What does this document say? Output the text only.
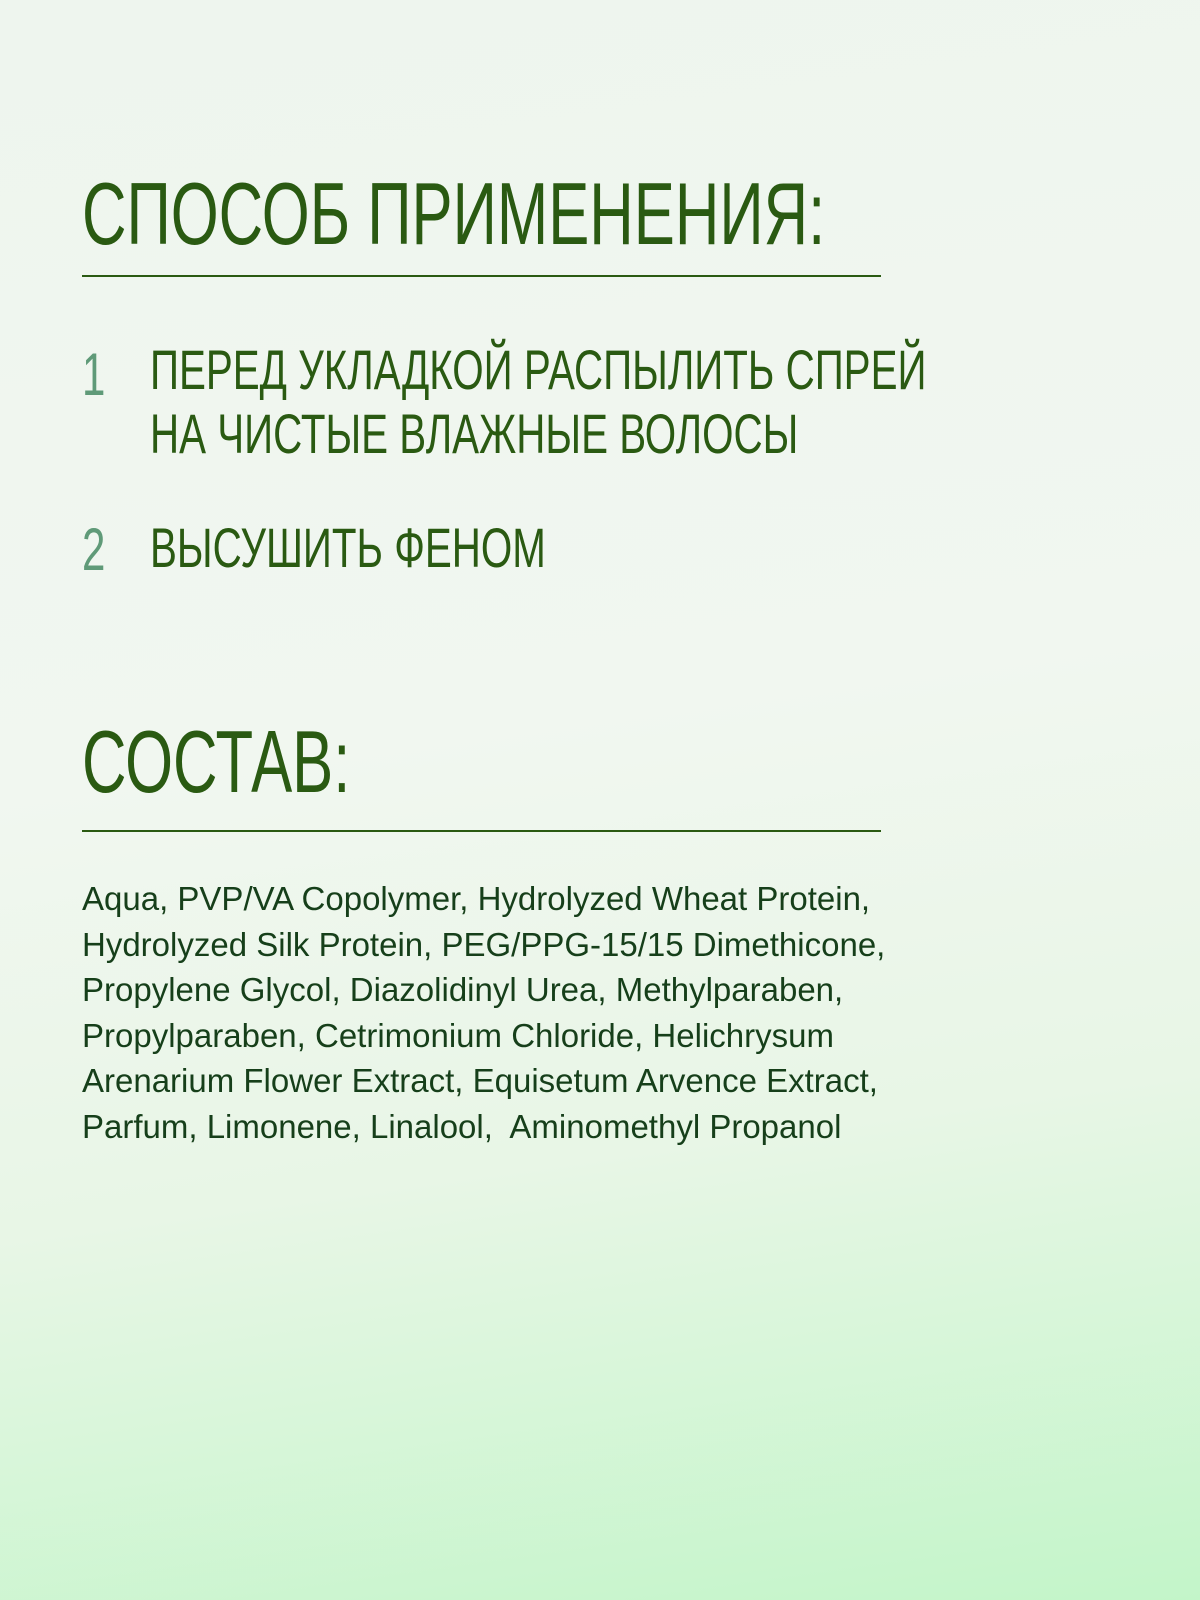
СПОСОБ ПРИМЕНЕНИЯ:
1 ПЕРЕД УКЛАДКОЙ РАСПЫЛИТЬ СПРЕЙ
НА ЧИСТЫЕ ВЛАЖНЫЕ ВОЛОСЫ
2 ВЫСУШИТЬ ФЕНОМ
СОСТАВ:
Aqua, PVP/VA Copolymer, Hydrolyzed Wheat Protein,
Hydrolyzed Silk Protein, PEG/PPG-15/15 Dimethicone,
Propylene Glycol, Diazolidinyl Urea, Methylparaben,
Propylparaben, Cetrimonium Chloride, Helichrysum
Arenarium Flower Extract, Equisetum Arvence Extract,
Parfum, Limonene, Linalool,  Aminomethyl Propanol
